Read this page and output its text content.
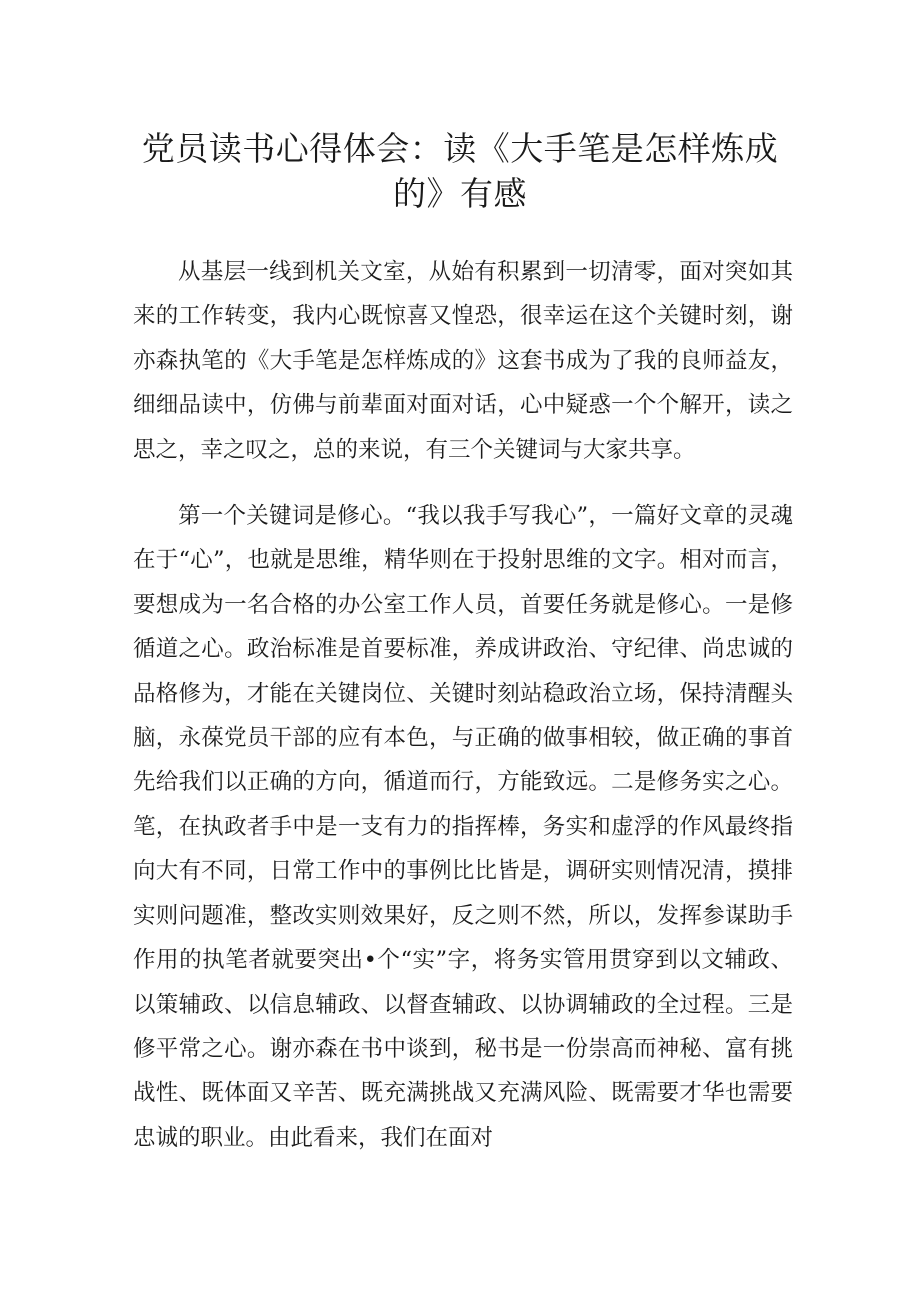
党员读书心得体会：读《大手笔是怎样炼成的》有感

从基层一线到机关文室，从始有积累到一切清零，面对突如其来的工作转变，我内心既惊喜又惶恐，很幸运在这个关键时刻，谢亦森执笔的《大手笔是怎样炼成的》这套书成为了我的良师益友，细细品读中，仿佛与前辈面对面对话，心中疑惑一个个解开，读之思之，幸之叹之，总的来说，有三个关键词与大家共享。

第一个关键词是修心。“我以我手写我心”，一篇好文章的灵魂在于“心”，也就是思维，精华则在于投射思维的文字。相对而言，要想成为一名合格的办公室工作人员，首要任务就是修心。一是修循道之心。政治标准是首要标准，养成讲政治、守纪律、尚忠诚的品格修为，才能在关键岗位、关键时刻站稳政治立场，保持清醒头脑，永葆党员干部的应有本色，与正确的做事相较，做正确的事首先给我们以正确的方向，循道而行，方能致远。二是修务实之心。笔，在执政者手中是一支有力的指挥棒，务实和虚浮的作风最终指向大有不同，日常工作中的事例比比皆是，调研实则情况清，摸排实则问题准，整改实则效果好，反之则不然，所以，发挥参谋助手作用的执笔者就要突出•个“实”字，将务实管用贯穿到以文辅政、以策辅政、以信息辅政、以督查辅政、以协调辅政的全过程。三是修平常之心。谢亦森在书中谈到，秘书是一份崇高而神秘、富有挑战性、既体面又辛苦、既充满挑战又充满风险、既需要才华也需要忠诚的职业。由此看来，我们在面对
